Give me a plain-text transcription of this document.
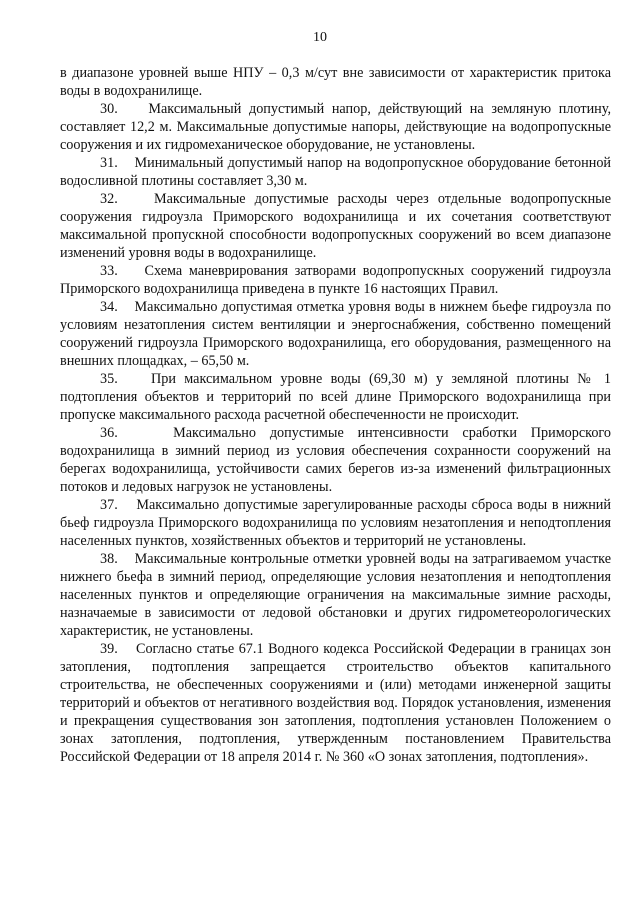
10

в диапазоне уровней выше НПУ – 0,3 м/сут вне зависимости от характеристик притока воды в водохранилище.

30.    Максимальный допустимый напор, действующий на земляную плотину, составляет 12,2 м. Максимальные допустимые напоры, действующие на водопропускные сооружения и их гидромеханическое оборудование, не установлены.

31.    Минимальный допустимый напор на водопропускное оборудование бетонной водосливной плотины составляет 3,30 м.

32.    Максимальные допустимые расходы через отдельные водопропускные сооружения гидроузла Приморского водохранилища и их сочетания соответствуют максимальной пропускной способности водопропускных сооружений во всем диапазоне изменений уровня воды в водохранилище.

33.    Схема маневрирования затворами водопропускных сооружений гидроузла Приморского водохранилища приведена в пункте 16 настоящих Правил.

34.    Максимально допустимая отметка уровня воды в нижнем бьефе гидроузла по условиям незатопления систем вентиляции и энергоснабжения, собственно помещений сооружений гидроузла Приморского водохранилища, его оборудования, размещенного на внешних площадках, – 65,50 м.

35.    При максимальном уровне воды (69,30 м) у земляной плотины № 1 подтопления объектов и территорий по всей длине Приморского водохранилища при пропуске максимального расхода расчетной обеспеченности не происходит.

36.    Максимально допустимые интенсивности сработки Приморского водохранилища в зимний период из условия обеспечения сохранности сооружений на берегах водохранилища, устойчивости самих берегов из-за изменений фильтрационных потоков и ледовых нагрузок не установлены.

37.    Максимально допустимые зарегулированные расходы сброса воды в нижний бьеф гидроузла Приморского водохранилища по условиям незатопления и неподтопления населенных пунктов, хозяйственных объектов и территорий не установлены.

38.    Максимальные контрольные отметки уровней воды на затрагиваемом участке нижнего бьефа в зимний период, определяющие условия незатопления и неподтопления населенных пунктов и определяющие ограничения на максимальные зимние расходы, назначаемые в зависимости от ледовой обстановки и других гидрометеорологических характеристик, не установлены.

39.    Согласно статье 67.1 Водного кодекса Российской Федерации в границах зон затопления, подтопления запрещается строительство объектов капитального строительства, не обеспеченных сооружениями и (или) методами инженерной защиты территорий и объектов от негативного воздействия вод. Порядок установления, изменения и прекращения существования зон затопления, подтопления установлен Положением о зонах затопления, подтопления, утвержденным постановлением Правительства Российской Федерации от 18 апреля 2014 г. № 360 «О зонах затопления, подтопления».
